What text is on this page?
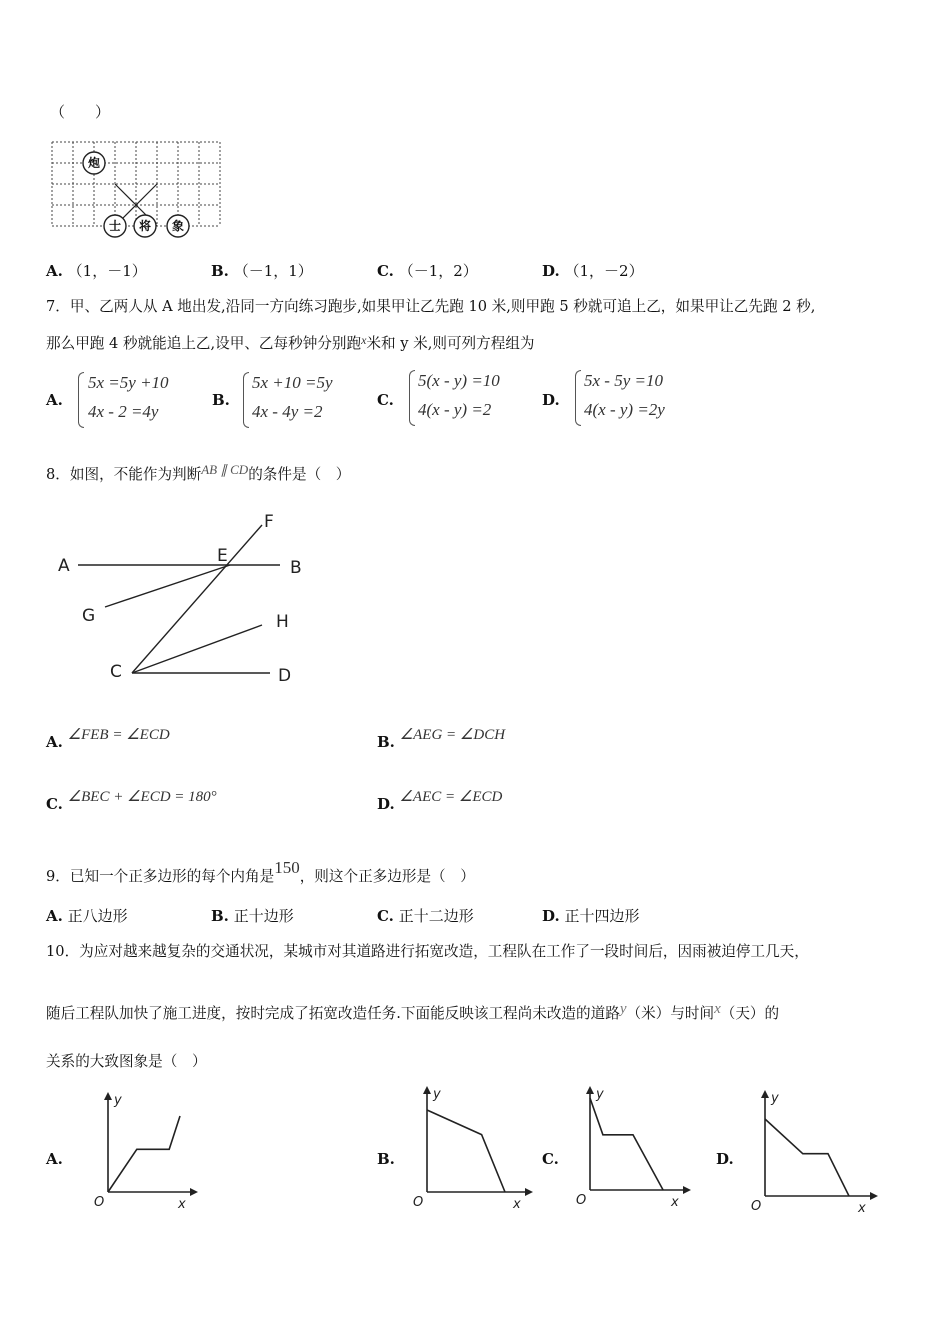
（　　）
炮
士 将 象
A. （1，－1）	B. （－1，1）	C. （－1，2）	D. （1，－2）
7．甲、乙两人从 A 地出发,沿同一方向练习跑步,如果甲让乙先跑 10 米,则甲跑 5 秒就可追上乙，如果甲让乙先跑 2 秒,
那么甲跑 4 秒就能追上乙,设甲、乙每秒钟分别跑$^x$米和 y 米,则可列方程组为
A.
5x =5y +10
4x - 2 =4y
B.
5x +10 =5y
4x - 4y =2
C.
5(x - y) =10
4(x - y) =2	D.
5x - 5y =10
4(x - y) =2y
8．如图，不能作为判断AB ∥ CD的条件是（　）
A	E
B
F
G	H
C	D
A. ∠FEB = ∠ECD	B. ∠AEG = ∠DCH
C. ∠BEC + ∠ECD = 180°	D. ∠AEC = ∠ECD
9．已知一个正多边形的每个内角是150，则这个正多边形是（　）
A. 正八边形	B. 正十边形	C. 正十二边形	D. 正十四边形
10．为应对越来越复杂的交通状况，某城市对其道路进行拓宽改造，工程队在工作了一段时间后，因雨被迫停工几天，
随后工程队加快了施工进度，按时完成了拓宽改造任务.下面能反映该工程尚未改造的道路y（米）与时间x（天）的
关系的大致图象是（　）
A.	B.	C.	D.
O	x
y
O	x
y
O	x
y
O	x
y
